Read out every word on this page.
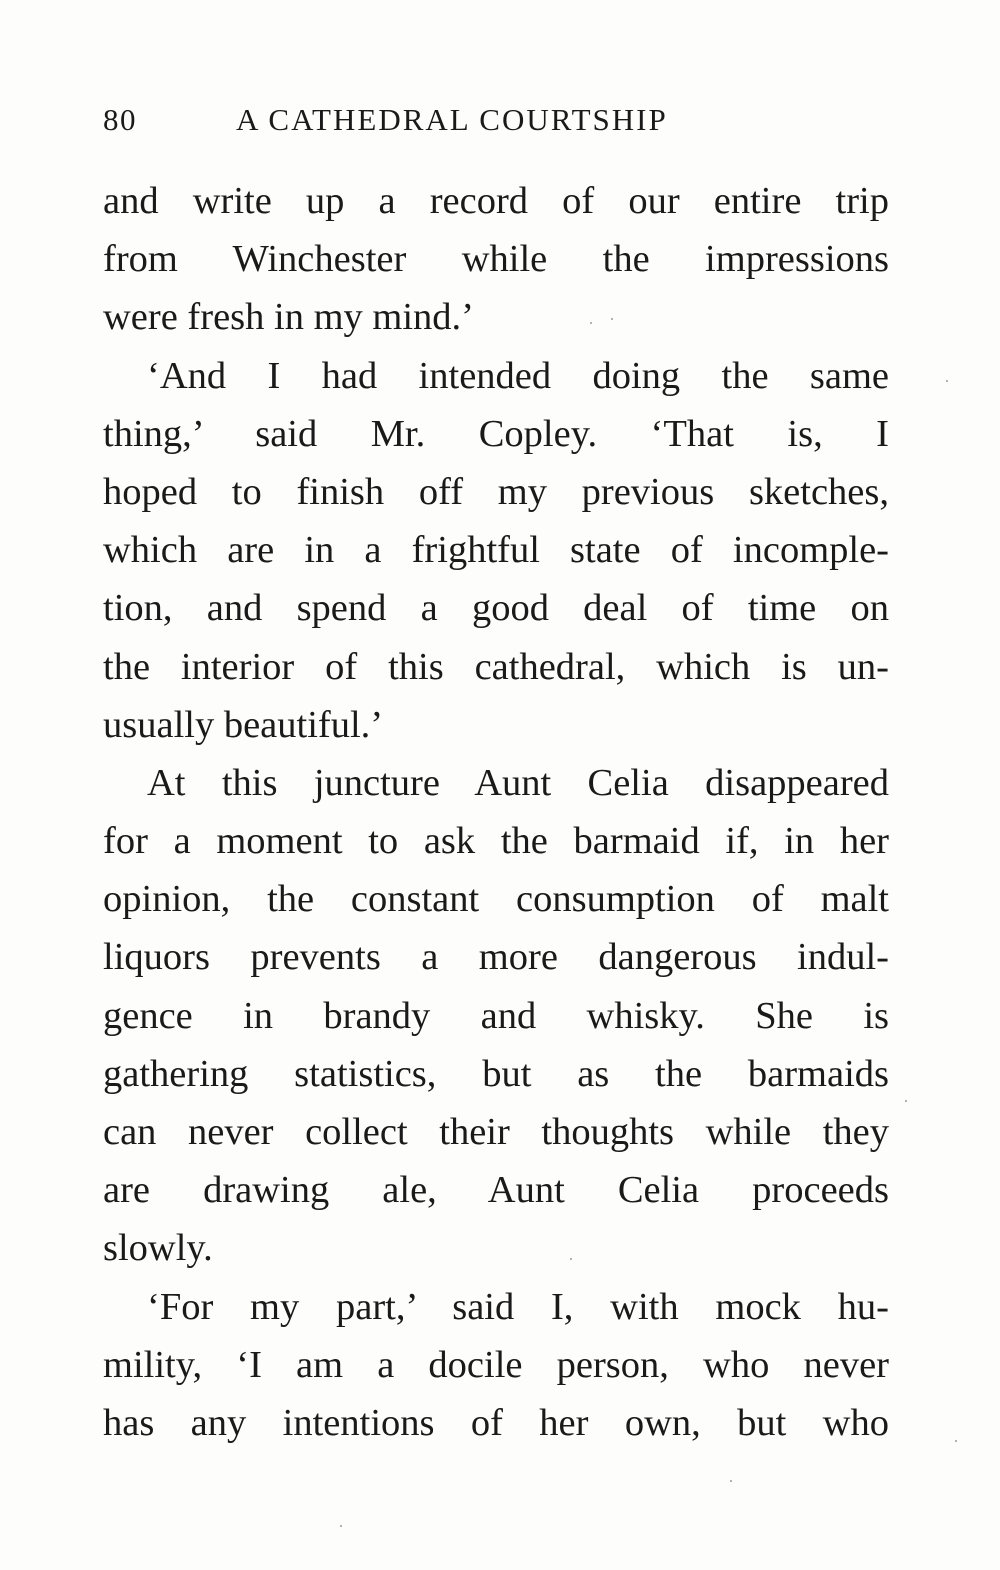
80	A CATHEDRAL COURTSHIP
and write up a record of our entire trip
from Winchester while the impressions
were fresh in my mind.’
‘And I had intended doing the same
thing,’ said Mr. Copley. ‘That is, I
hoped to finish off my previous sketches,
which are in a frightful state of incomple-
tion, and spend a good deal of time on
the interior of this cathedral, which is un-
usually beautiful.’
At this juncture Aunt Celia disappeared
for a moment to ask the barmaid if, in her
opinion, the constant consumption of malt
liquors prevents a more dangerous indul-
gence in brandy and whisky. She is
gathering statistics, but as the barmaids
can never collect their thoughts while they
are drawing ale, Aunt Celia proceeds
slowly.
‘For my part,’ said I, with mock hu-
mility, ‘I am a docile person, who never
has any intentions of her own, but who
